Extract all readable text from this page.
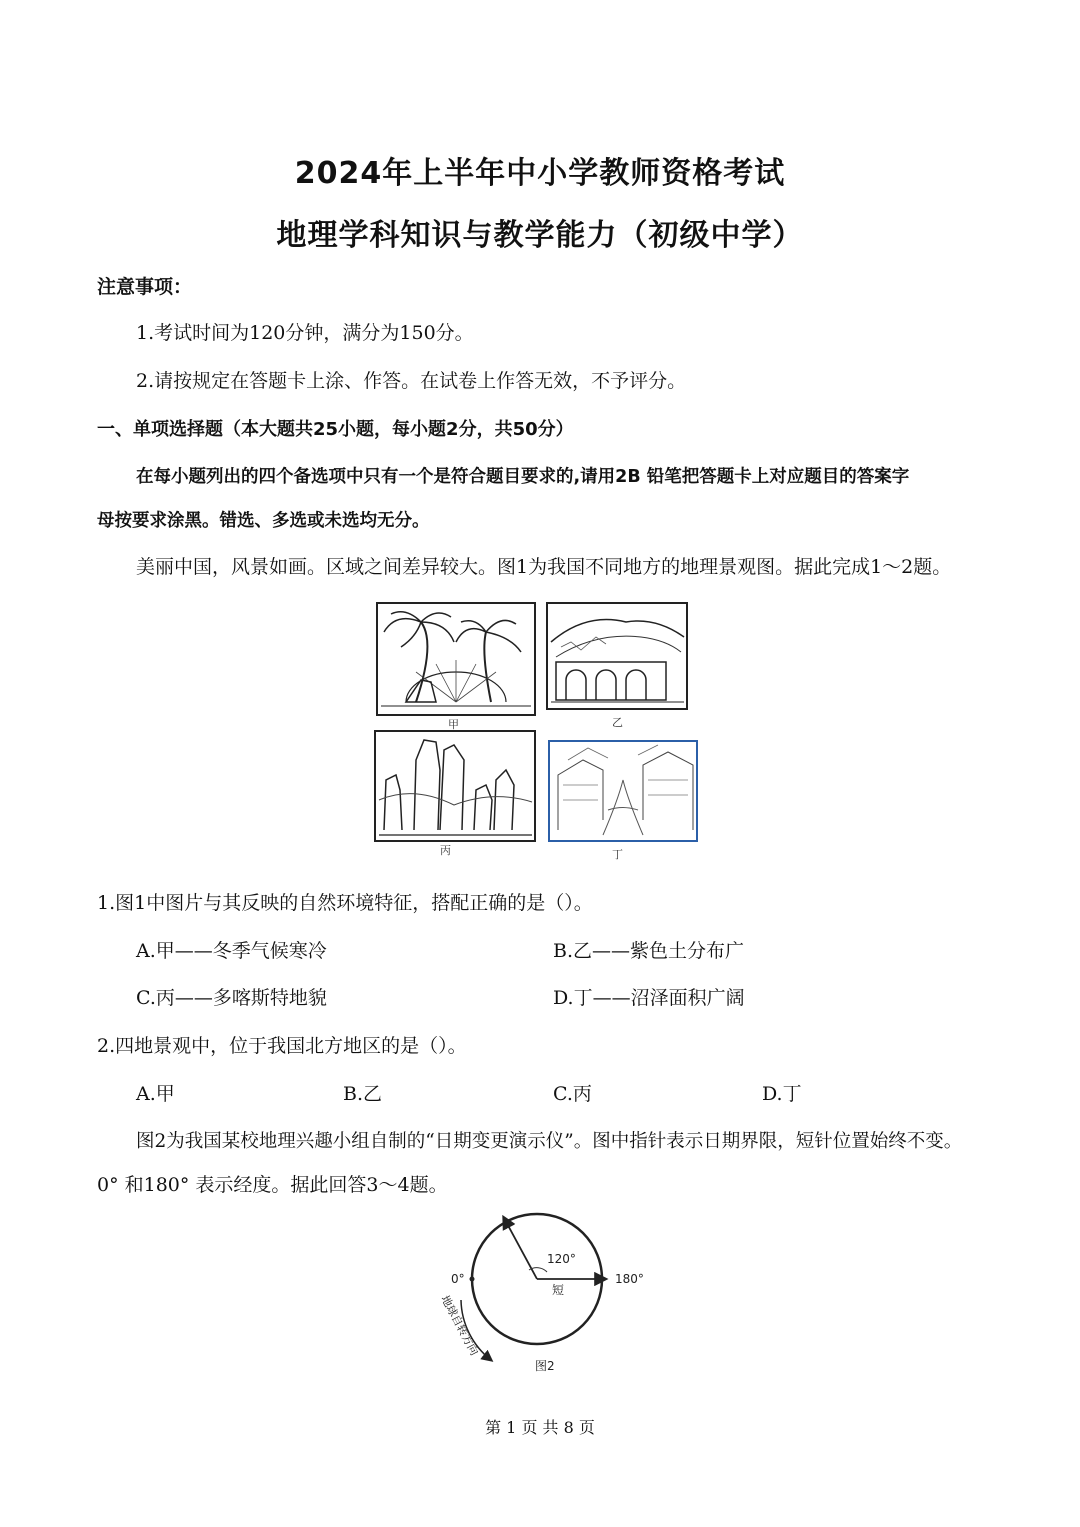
2024年上半年中小学教师资格考试
地理学科知识与教学能力（初级中学）
注意事项：
1.考试时间为120分钟，满分为150分。
2.请按规定在答题卡上涂、作答。在试卷上作答无效，不予评分。
一、单项选择题（本大题共25小题，每小题2分，共50分）
在每小题列出的四个备选项中只有一个是符合题目要求的,请用2B 铅笔把答题卡上对应题目的答案字
母按要求涂黑。错选、多选或未选均无分。
美丽中国，风景如画。区域之间差异较大。图1为我国不同地方的地理景观图。据此完成1～2题。
甲	乙
丙	丁
1.图1中图片与其反映的自然环境特征，搭配正确的是（）。
A.甲——冬季气候寒冷	B.乙——紫色土分布广
C.丙——多喀斯特地貌	D.丁——沼泽面积广阔
2.四地景观中，位于我国北方地区的是（）。
A.甲	B.乙	C.丙	D.丁
图2为我国某校地理兴趣小组自制的“日期变更演示仪”。图中指针表示日期界限，短针位置始终不变。
0° 和180° 表示经度。据此回答3～4题。
120°
0°	180°
短
地球自转方向
图2
第 1 页 共 8 页
